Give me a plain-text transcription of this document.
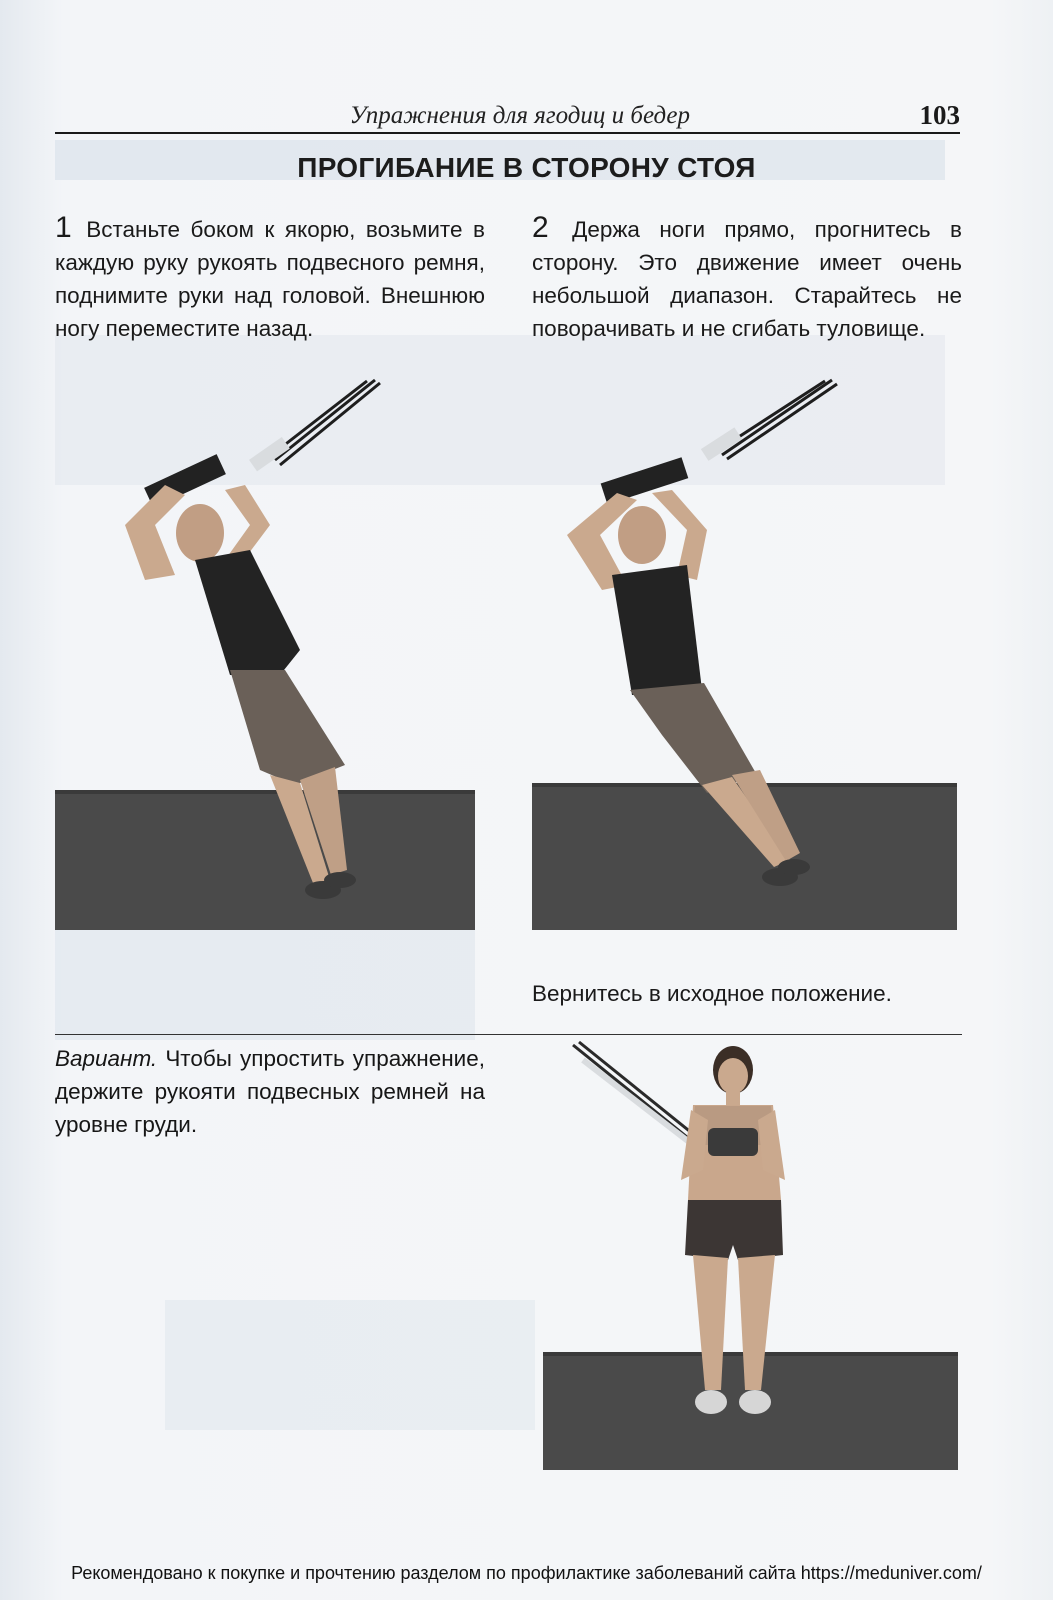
Упражнения для ягодиц и бедер	103
ПРОГИБАНИЕ В СТОРОНУ СТОЯ
1 Встаньте боком к якорю, возьмите в каждую руку рукоять подвесного ремня, поднимите руки над головой. Внешнюю ногу переместите назад.
2 Держа ноги прямо, прогнитесь в сторону. Это движение имеет очень небольшой диапазон. Старайтесь не поворачивать и не сгибать туловище.
Вернитесь в исходное положение.
Вариант. Чтобы упростить упражнение, держите рукояти подвесных ремней на уровне груди.
Рекомендовано к покупке и прочтению разделом по профилактике заболеваний сайта https://meduniver.com/
